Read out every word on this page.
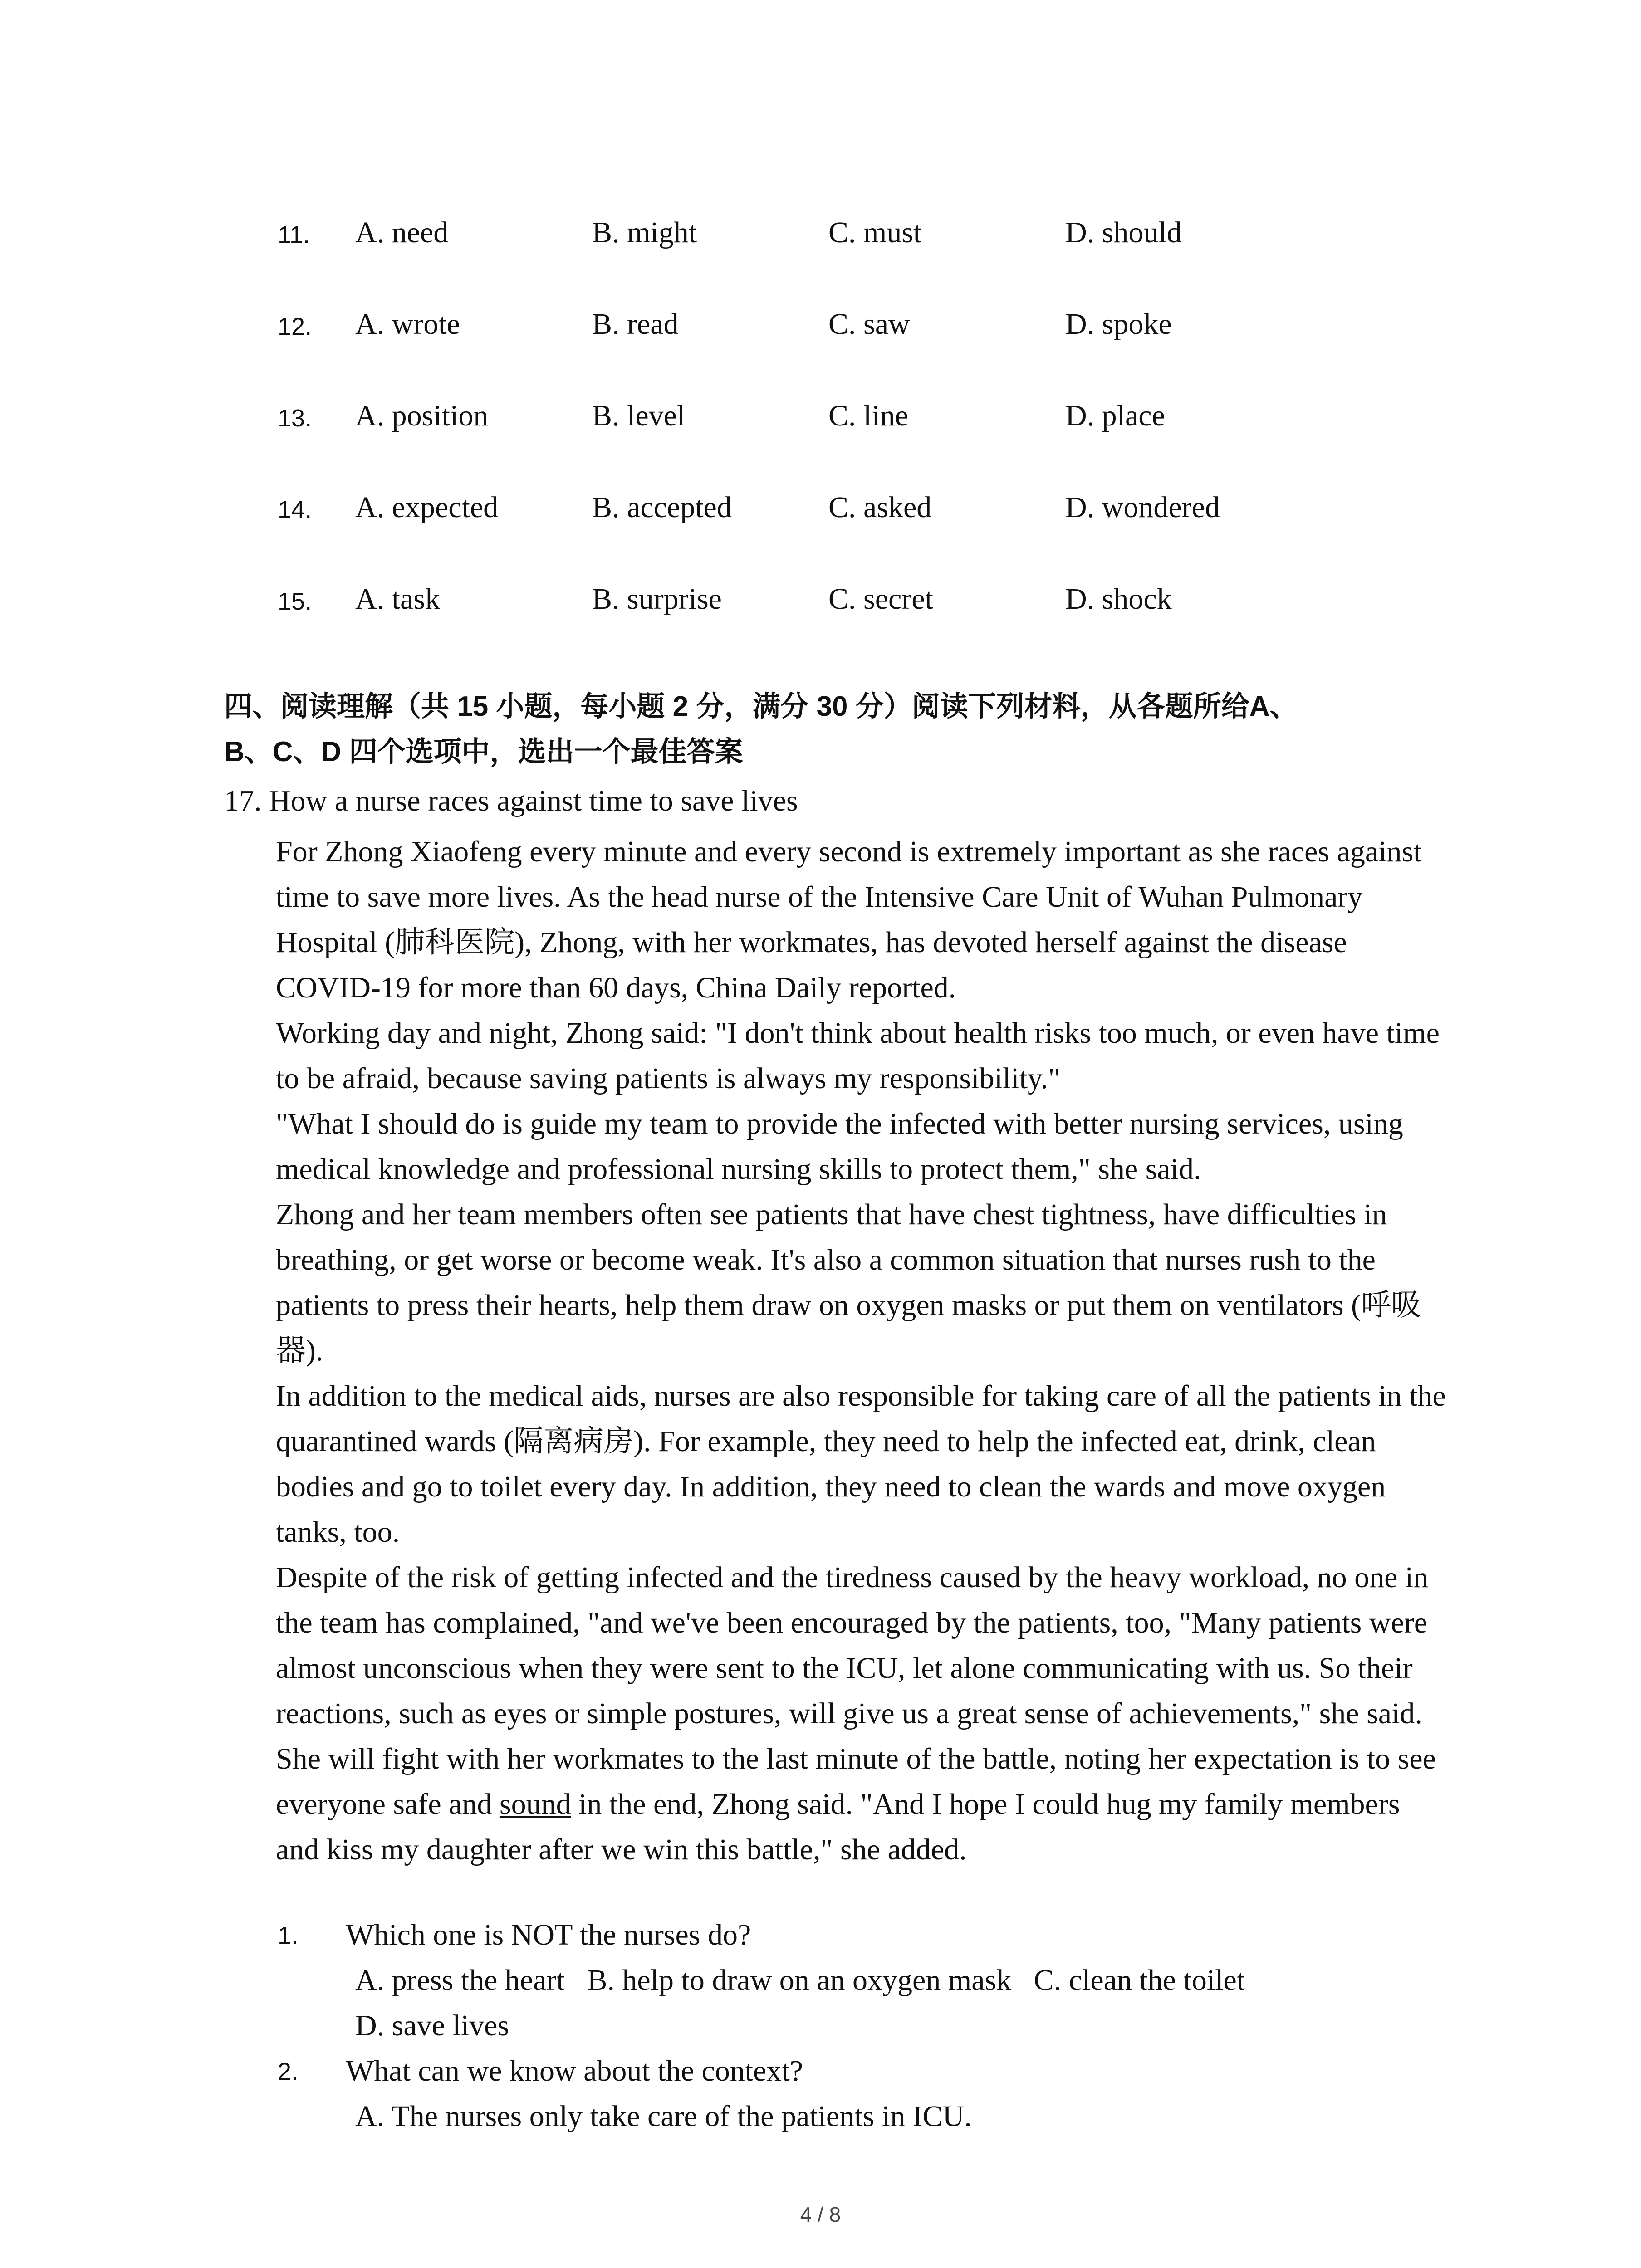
11. A. need	B. might	C. must	D. should
12. A. wrote	B. read	C. saw	D. spoke
13. A. position	B. level	C. line	D. place
14. A. expected	B. accepted	C. asked	D. wondered
15. A. task	B. surprise	C. secret	D. shock
四、阅读理解（共 15 小题，每小题 2 分，满分 30 分）阅读下列材料，从各题所给A、
B、C、D 四个选项中，选出一个最佳答案
17. How a nurse races against time to save lives

For Zhong Xiaofeng every minute and every second is extremely important as she races against time to save more lives. As the head nurse of the Intensive Care Unit of Wuhan Pulmonary Hospital (肺科医院), Zhong, with her workmates, has devoted herself against the disease COVID-19 for more than 60 days, China Daily reported.

Working day and night, Zhong said: "I don't think about health risks too much, or even have time to be afraid, because saving patients is always my responsibility."

"What I should do is guide my team to provide the infected with better nursing services, using medical knowledge and professional nursing skills to protect them," she said.

Zhong and her team members often see patients that have chest tightness, have difficulties in breathing, or get worse or become weak. It's also a common situation that nurses rush to the patients to press their hearts, help them draw on oxygen masks or put them on ventilators (呼吸器).

In addition to the medical aids, nurses are also responsible for taking care of all the patients in the quarantined wards (隔离病房). For example, they need to help the infected eat, drink, clean bodies and go to toilet every day. In addition, they need to clean the wards and move oxygen tanks, too.

Despite of the risk of getting infected and the tiredness caused by the heavy workload, no one in the team has complained, "and we've been encouraged by the patients, too, "Many patients were almost unconscious when they were sent to the ICU, let alone communicating with us. So their reactions, such as eyes or simple postures, will give us a great sense of achievements," she said.

She will fight with her workmates to the last minute of the battle, noting her expectation is to see everyone safe and sound in the end, Zhong said. "And I hope I could hug my family members and kiss my daughter after we win this battle," she added.

1. Which one is NOT the nurses do?
A. press the heart   B. help to draw on an oxygen mask   C. clean the toilet
D. save lives
2. What can we know about the context?
A. The nurses only take care of the patients in ICU.
4 / 8
